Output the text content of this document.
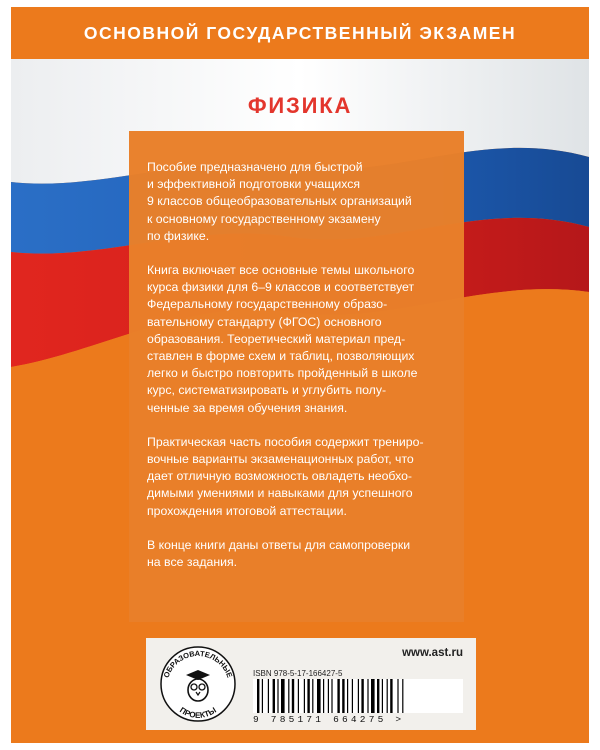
ОСНОВНОЙ ГОСУДАРСТВЕННЫЙ ЭКЗАМЕН
ФИЗИКА

Пособие предназначено для быстрой
и эффективной подготовки учащихся
9 классов общеобразовательных организаций
к основному государственному экзамену
по физике.

Книга включает все основные темы школьного
курса физики для 6–9 классов и соответствует
Федеральному государственному образо-
вательному стандарту (ФГОС) основного
образования. Теоретический материал пред-
ставлен в форме схем и таблиц, позволяющих
легко и быстро повторить пройденный в школе
курс, систематизировать и углубить полу-
ченные за время обучения знания.

Практическая часть пособия содержит трениро-
вочные варианты экзаменационных работ, что
дает отличную возможность овладеть необхо-
димыми умениями и навыками для успешного
прохождения итоговой аттестации.

В конце книги даны ответы для самопроверки
на все задания.

ОБРАЗОВАТЕЛЬНЫЕ
ПРОЕКТЫ
www.ast.ru
ISBN 978-5-17-166427-5
9 785171 664275 >
